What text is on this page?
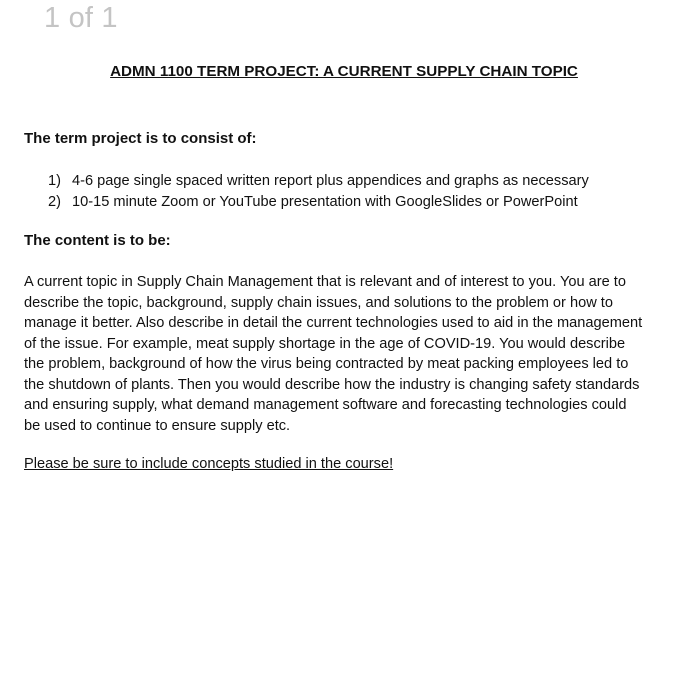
1 of 1
ADMN 1100 TERM PROJECT: A CURRENT SUPPLY CHAIN TOPIC
The term project is to consist of:
1) 4-6 page single spaced written report plus appendices and graphs as necessary
2) 10-15 minute Zoom or YouTube presentation with GoogleSlides or PowerPoint
The content is to be:

A current topic in Supply Chain Management that is relevant and of interest to you. You are to
describe the topic, background, supply chain issues, and solutions to the problem or how to
manage it better. Also describe in detail the current technologies used to aid in the management
of the issue. For example, meat supply shortage in the age of COVID-19. You would describe
the problem, background of how the virus being contracted by meat packing employees led to
the shutdown of plants. Then you would describe how the industry is changing safety standards
and ensuring supply, what demand management software and forecasting technologies could
be used to continue to ensure supply etc.

Please be sure to include concepts studied in the course!
